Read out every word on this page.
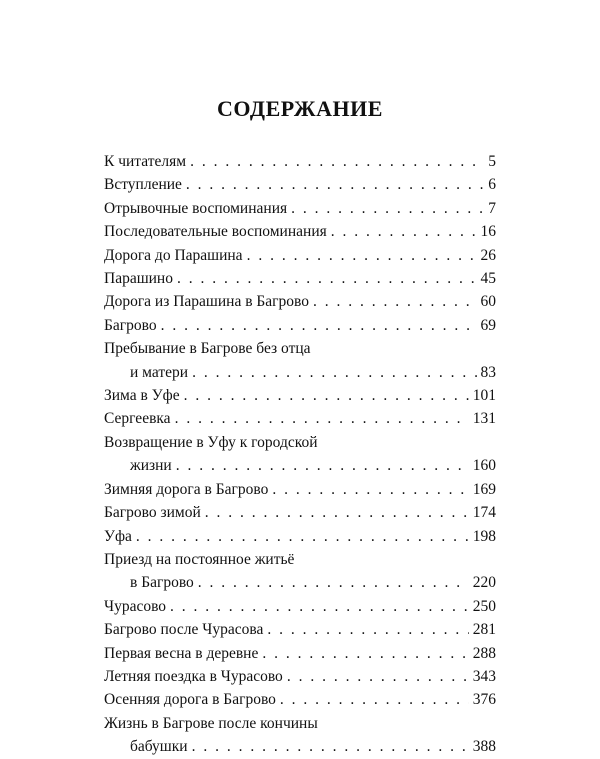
СОДЕРЖАНИЕ
К читателям . . .	5
Вступление . . .	6
Отрывочные воспоминания . . .	7
Последовательные воспоминания . . .	16
Дорога до Парашина . . .	26
Парашино . . .	45
Дорога из Парашина в Багрово . . .	60
Багрово . . .	69
Пребывание в Багрове без отца
и матери . . .	83
Зима в Уфе . . .	101
Сергеевка . . .	131
Возвращение в Уфу к городской
жизни . . .	160
Зимняя дорога в Багрово . . .	169
Багрово зимой . . .	174
Уфа . . .	198
Приезд на постоянное житьё
в Багрово . . .	220
Чурасово . . .	250
Багрово после Чурасова . . .	281
Первая весна в деревне . . .	288
Летняя поездка в Чурасово . . .	343
Осенняя дорога в Багрово . . .	376
Жизнь в Багрове после кончины
бабушки . . .	388
